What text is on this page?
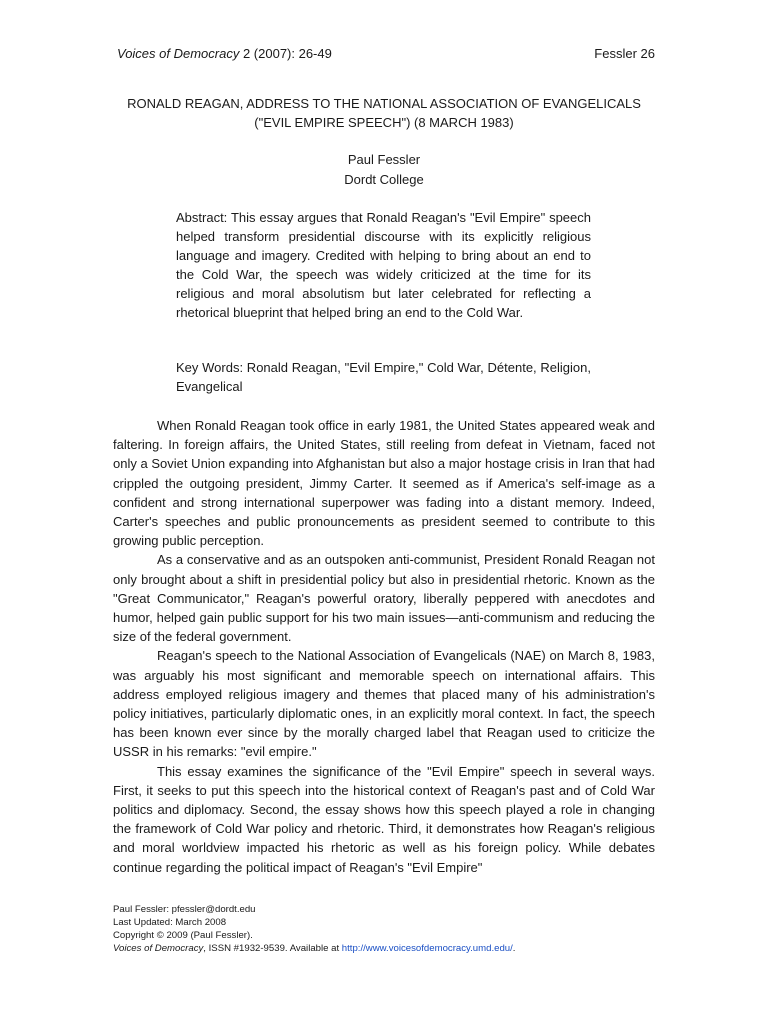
Voices of Democracy 2 (2007): 26-49	Fessler 26
RONALD REAGAN, ADDRESS TO THE NATIONAL ASSOCIATION OF EVANGELICALS
("EVIL EMPIRE SPEECH") (8 MARCH 1983)
Paul Fessler
Dordt College
Abstract: This essay argues that Ronald Reagan's "Evil Empire" speech helped transform presidential discourse with its explicitly religious language and imagery. Credited with helping to bring about an end to the Cold War, the speech was widely criticized at the time for its religious and moral absolutism but later celebrated for reflecting a rhetorical blueprint that helped bring an end to the Cold War.
Key Words: Ronald Reagan, "Evil Empire," Cold War, Détente, Religion, Evangelical

When Ronald Reagan took office in early 1981, the United States appeared weak and faltering. In foreign affairs, the United States, still reeling from defeat in Vietnam, faced not only a Soviet Union expanding into Afghanistan but also a major hostage crisis in Iran that had crippled the outgoing president, Jimmy Carter. It seemed as if America's self-image as a confident and strong international superpower was fading into a distant memory. Indeed, Carter's speeches and public pronouncements as president seemed to contribute to this growing public perception.

As a conservative and as an outspoken anti-communist, President Ronald Reagan not only brought about a shift in presidential policy but also in presidential rhetoric. Known as the "Great Communicator," Reagan's powerful oratory, liberally peppered with anecdotes and humor, helped gain public support for his two main issues—anti-communism and reducing the size of the federal government.

Reagan's speech to the National Association of Evangelicals (NAE) on March 8, 1983, was arguably his most significant and memorable speech on international affairs. This address employed religious imagery and themes that placed many of his administration's policy initiatives, particularly diplomatic ones, in an explicitly moral context. In fact, the speech has been known ever since by the morally charged label that Reagan used to criticize the USSR in his remarks: "evil empire."

This essay examines the significance of the "Evil Empire" speech in several ways. First, it seeks to put this speech into the historical context of Reagan's past and of Cold War politics and diplomacy. Second, the essay shows how this speech played a role in changing the framework of Cold War policy and rhetoric. Third, it demonstrates how Reagan's religious and moral worldview impacted his rhetoric as well as his foreign policy. While debates continue regarding the political impact of Reagan's "Evil Empire"

Paul Fessler: pfessler@dordt.edu
Last Updated: March 2008
Copyright © 2009 (Paul Fessler).
Voices of Democracy, ISSN #1932-9539. Available at http://www.voicesofdemocracy.umd.edu/.
